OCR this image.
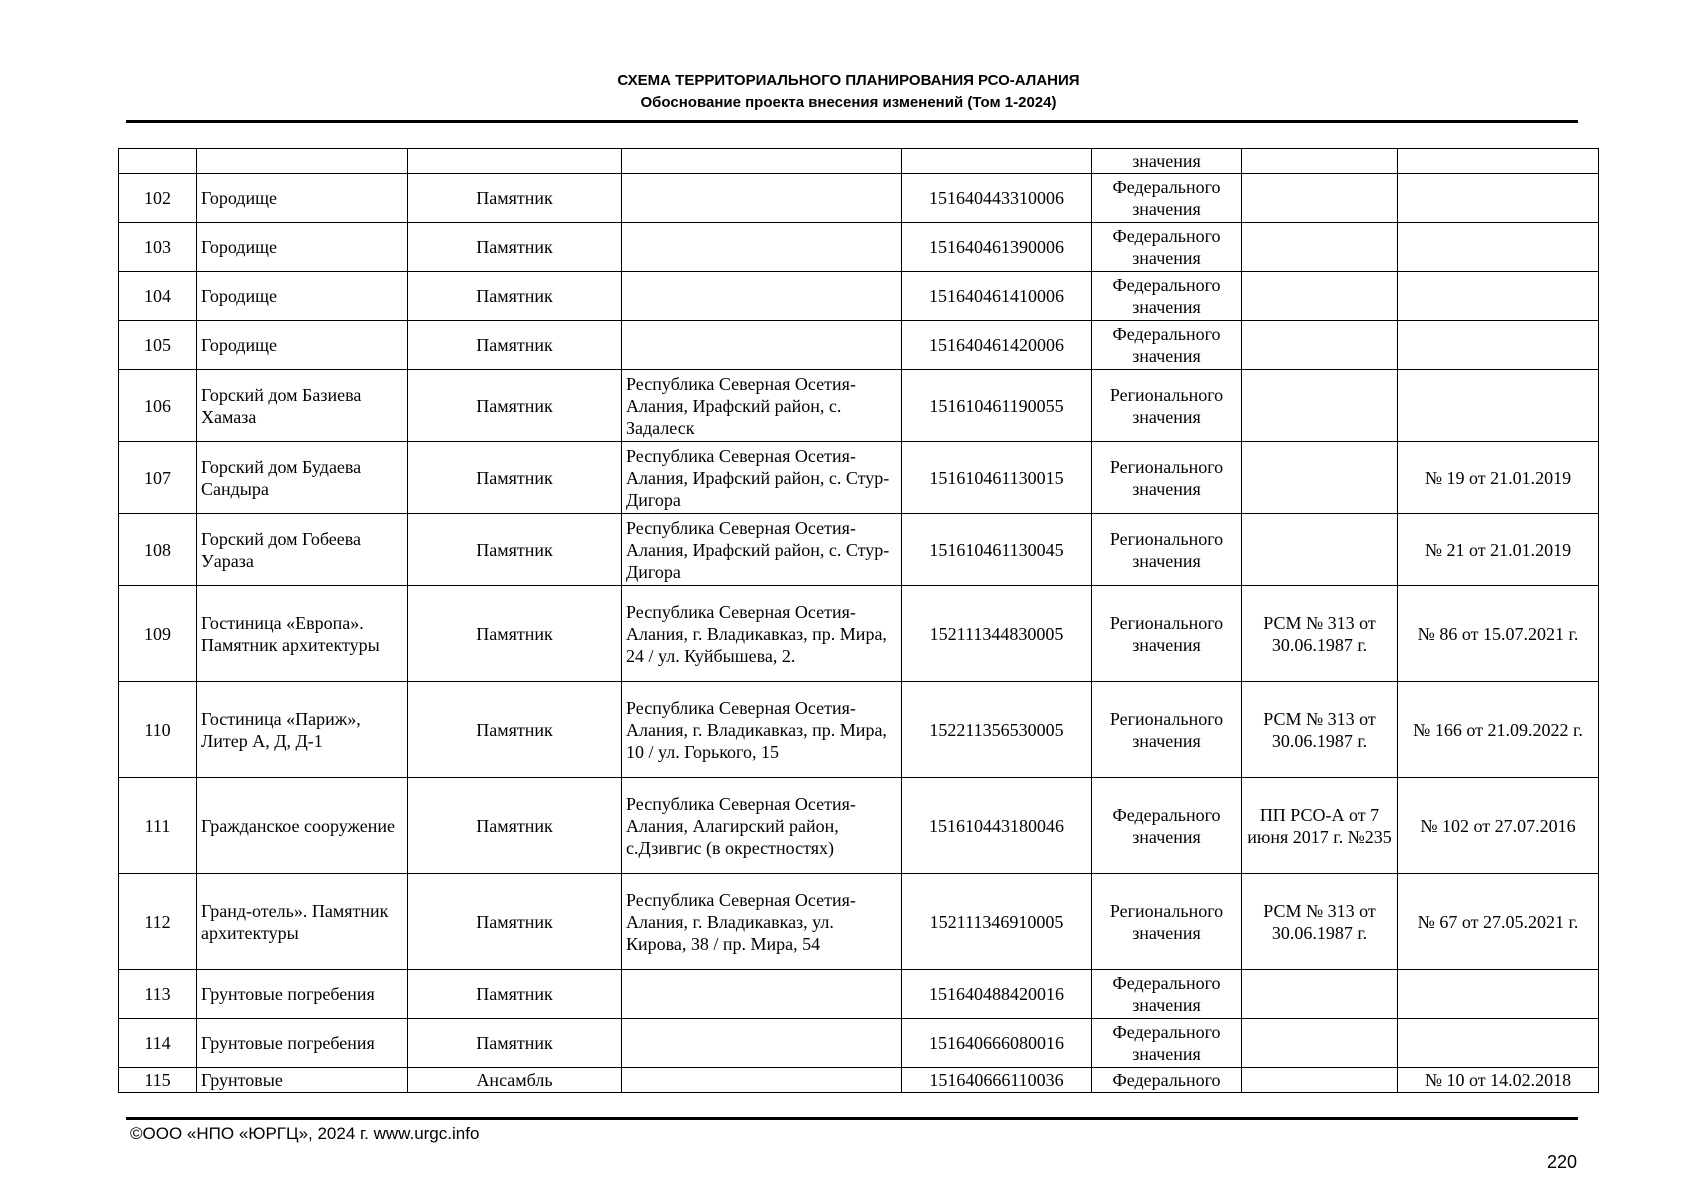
СХЕМА ТЕРРИТОРИАЛЬНОГО ПЛАНИРОВАНИЯ РСО-АЛАНИЯ
Обоснование проекта внесения изменений (Том 1-2024)
					значения		
102	Городище	Памятник		151640443310006	Федерального значения		
103	Городище	Памятник		151640461390006	Федерального значения		
104	Городище	Памятник		151640461410006	Федерального значения		
105	Городище	Памятник		151640461420006	Федерального значения		
106	Горский дом Базиева Хамаза	Памятник	Республика Северная Осетия-Алания, Ирафский район, с. Задалеск	151610461190055	Регионального значения		
107	Горский дом Будаева Сандыра	Памятник	Республика Северная Осетия-Алания, Ирафский район, с. Стур-Дигора	151610461130015	Регионального значения		№ 19 от 21.01.2019
108	Горский дом Гобеева Уараза	Памятник	Республика Северная Осетия-Алания, Ирафский район, с. Стур-Дигора	151610461130045	Регионального значения		№ 21 от 21.01.2019
109	Гостиница «Европа». Памятник архитектуры	Памятник	Республика Северная Осетия-Алания, г. Владикавказ, пр. Мира, 24 / ул. Куйбышева, 2.	152111344830005	Регионального значения	РСМ № 313 от 30.06.1987 г.	№ 86 от 15.07.2021 г.
110	Гостиница «Париж», Литер А, Д, Д-1	Памятник	Республика Северная Осетия-Алания, г. Владикавказ, пр. Мира, 10 / ул. Горького, 15	152211356530005	Регионального значения	РСМ № 313 от 30.06.1987 г.	№ 166 от 21.09.2022 г.
111	Гражданское сооружение	Памятник	Республика Северная Осетия-Алания, Алагирский район, с.Дзивгис (в окрестностях)	151610443180046	Федерального значения	ПП РСО-А от 7 июня 2017 г. №235	№ 102 от 27.07.2016
112	Гранд-отель». Памятник архитектуры	Памятник	Республика Северная Осетия-Алания, г. Владикавказ, ул. Кирова, 38 / пр. Мира, 54	152111346910005	Регионального значения	РСМ № 313 от 30.06.1987 г.	№ 67 от 27.05.2021 г.
113	Грунтовые погребения	Памятник		151640488420016	Федерального значения		
114	Грунтовые погребения	Памятник		151640666080016	Федерального значения		
115	Грунтовые	Ансамбль		151640666110036	Федерального		№ 10 от 14.02.2018
©ООО «НПО «ЮРГЦ», 2024 г. www.urgc.info
220
